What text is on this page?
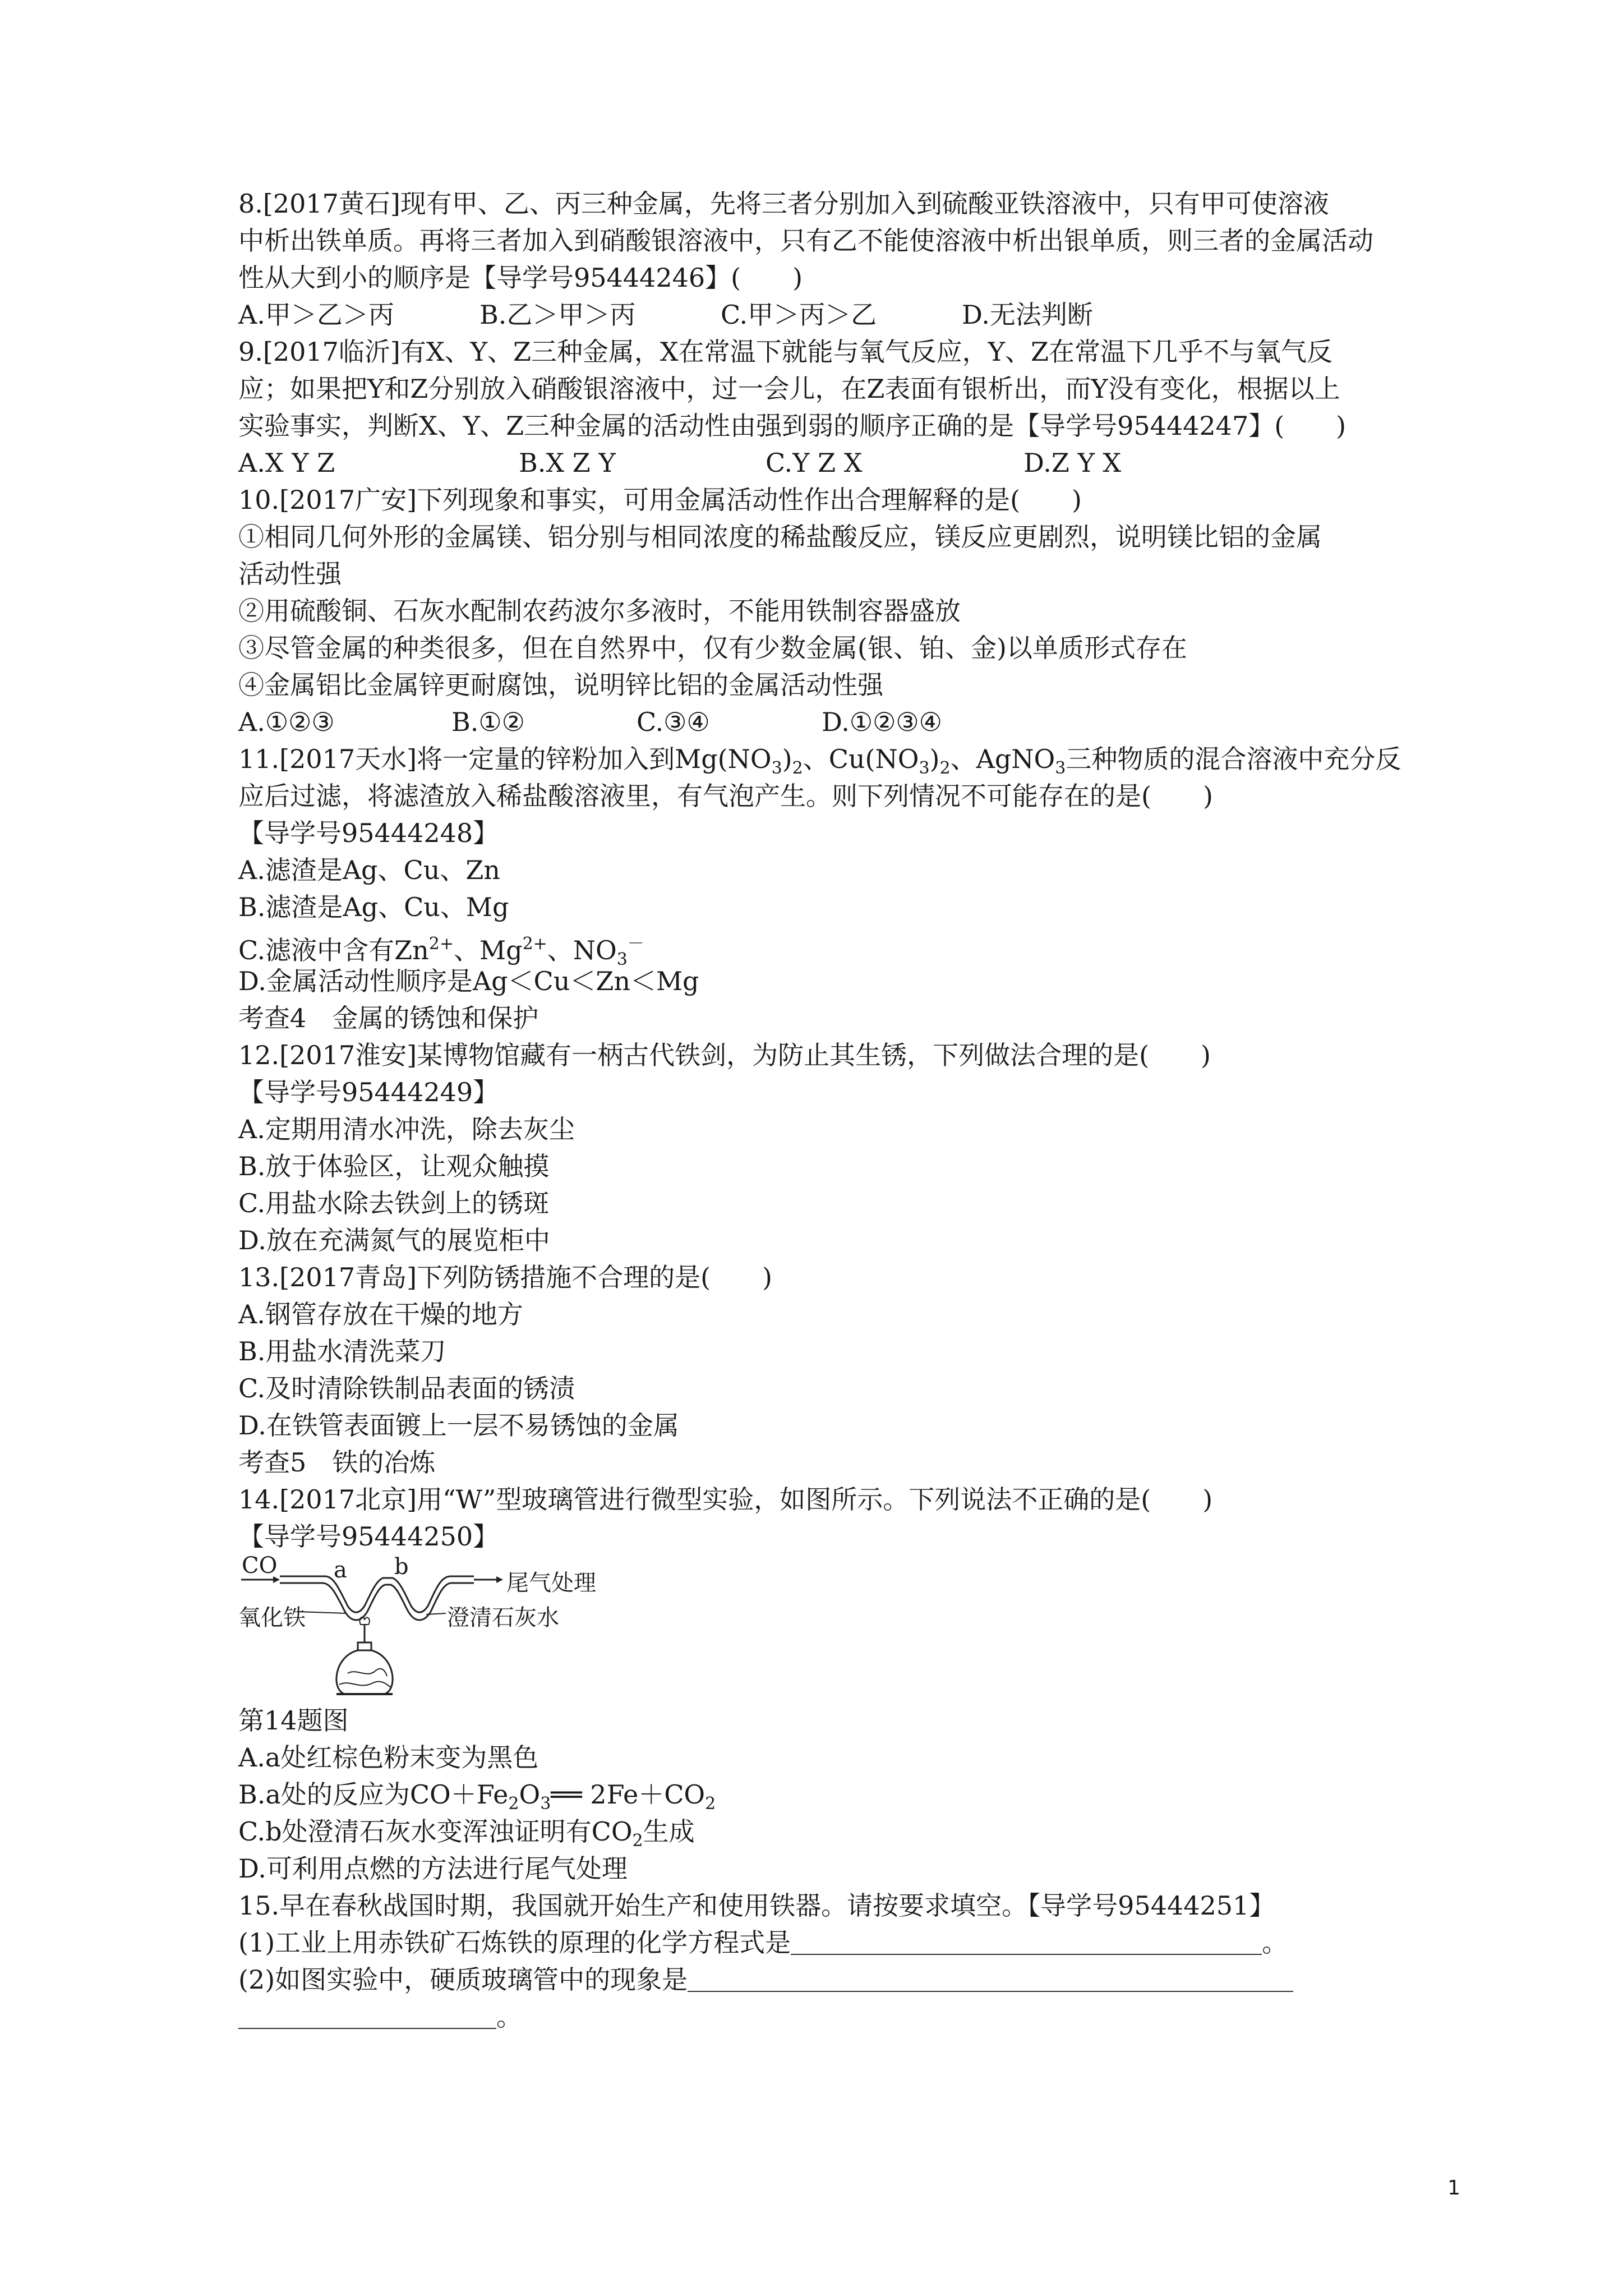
8.[2017黄石]现有甲、乙、丙三种金属，先将三者分别加入到硫酸亚铁溶液中，只有甲可使溶液
中析出铁单质。再将三者加入到硝酸银溶液中，只有乙不能使溶液中析出银单质，则三者的金属活动
性从大到小的顺序是【导学号95444246】(　　)
A.甲＞乙＞丙	B.乙＞甲＞丙	C.甲＞丙＞乙	D.无法判断
9.[2017临沂]有X、Y、Z三种金属，X在常温下就能与氧气反应，Y、Z在常温下几乎不与氧气反
应；如果把Y和Z分别放入硝酸银溶液中，过一会儿，在Z表面有银析出，而Y没有变化，根据以上
实验事实，判断X、Y、Z三种金属的活动性由强到弱的顺序正确的是【导学号95444247】(　　)
A.X Y Z	B.X Z Y	C.Y Z X	D.Z Y X
10.[2017广安]下列现象和事实，可用金属活动性作出合理解释的是(　　)
①相同几何外形的金属镁、铝分别与相同浓度的稀盐酸反应，镁反应更剧烈，说明镁比铝的金属
活动性强
②用硫酸铜、石灰水配制农药波尔多液时，不能用铁制容器盛放
③尽管金属的种类很多，但在自然界中，仅有少数金属(银、铂、金)以单质形式存在
④金属铝比金属锌更耐腐蚀，说明锌比铝的金属活动性强
A.①②③	B.①②	C.③④	D.①②③④
11.[2017天水]将一定量的锌粉加入到$Mg(NO_3)_2$、$Cu(NO_3)_2$、AgNO$_3$三种物质的混合溶液中充分反
应后过滤，将滤渣放入稀盐酸溶液里，有气泡产生。则下列情况不可能存在的是(　　)
【导学号95444248】
A.滤渣是Ag、Cu、Zn
B.滤渣是Ag、Cu、Mg
C.滤液中含有$Zn^{2+}$、$Mg^{2+}$、$NO_3^-$
D.金属活动性顺序是Ag＜Cu＜Zn＜Mg
考查4　金属的锈蚀和保护
12.[2017淮安]某博物馆藏有一柄古代铁剑，为防止其生锈，下列做法合理的是(　　)
【导学号95444249】
A.定期用清水冲洗，除去灰尘
B.放于体验区，让观众触摸
C.用盐水除去铁剑上的锈斑
D.放在充满氮气的展览柜中
13.[2017青岛]下列防锈措施不合理的是(　　)
A.钢管存放在干燥的地方
B.用盐水清洗菜刀
C.及时清除铁制品表面的锈渍
D.在铁管表面镀上一层不易锈蚀的金属
考查5　铁的冶炼
14.[2017北京]用“W”型玻璃管进行微型实验，如图所示。下列说法不正确的是(　　)
【导学号95444250】
CO	a b
尾气处理
氧化铁	澄清石灰水
第14题图
A.a处红棕色粉末变为黑色
B.a处的反应为$CO+Fe_2O_3══$ $2Fe+CO_2$
C.b处澄清石灰水变浑浊证明有$CO_2$生成
D.可利用点燃的方法进行尾气处理
15.早在春秋战国时期，我国就开始生产和使用铁器。请按要求填空。【导学号95444251】
(1)工业上用赤铁矿石炼铁的原理的化学方程式是	。
(2)如图实验中，硬质玻璃管中的现象是
。
1
